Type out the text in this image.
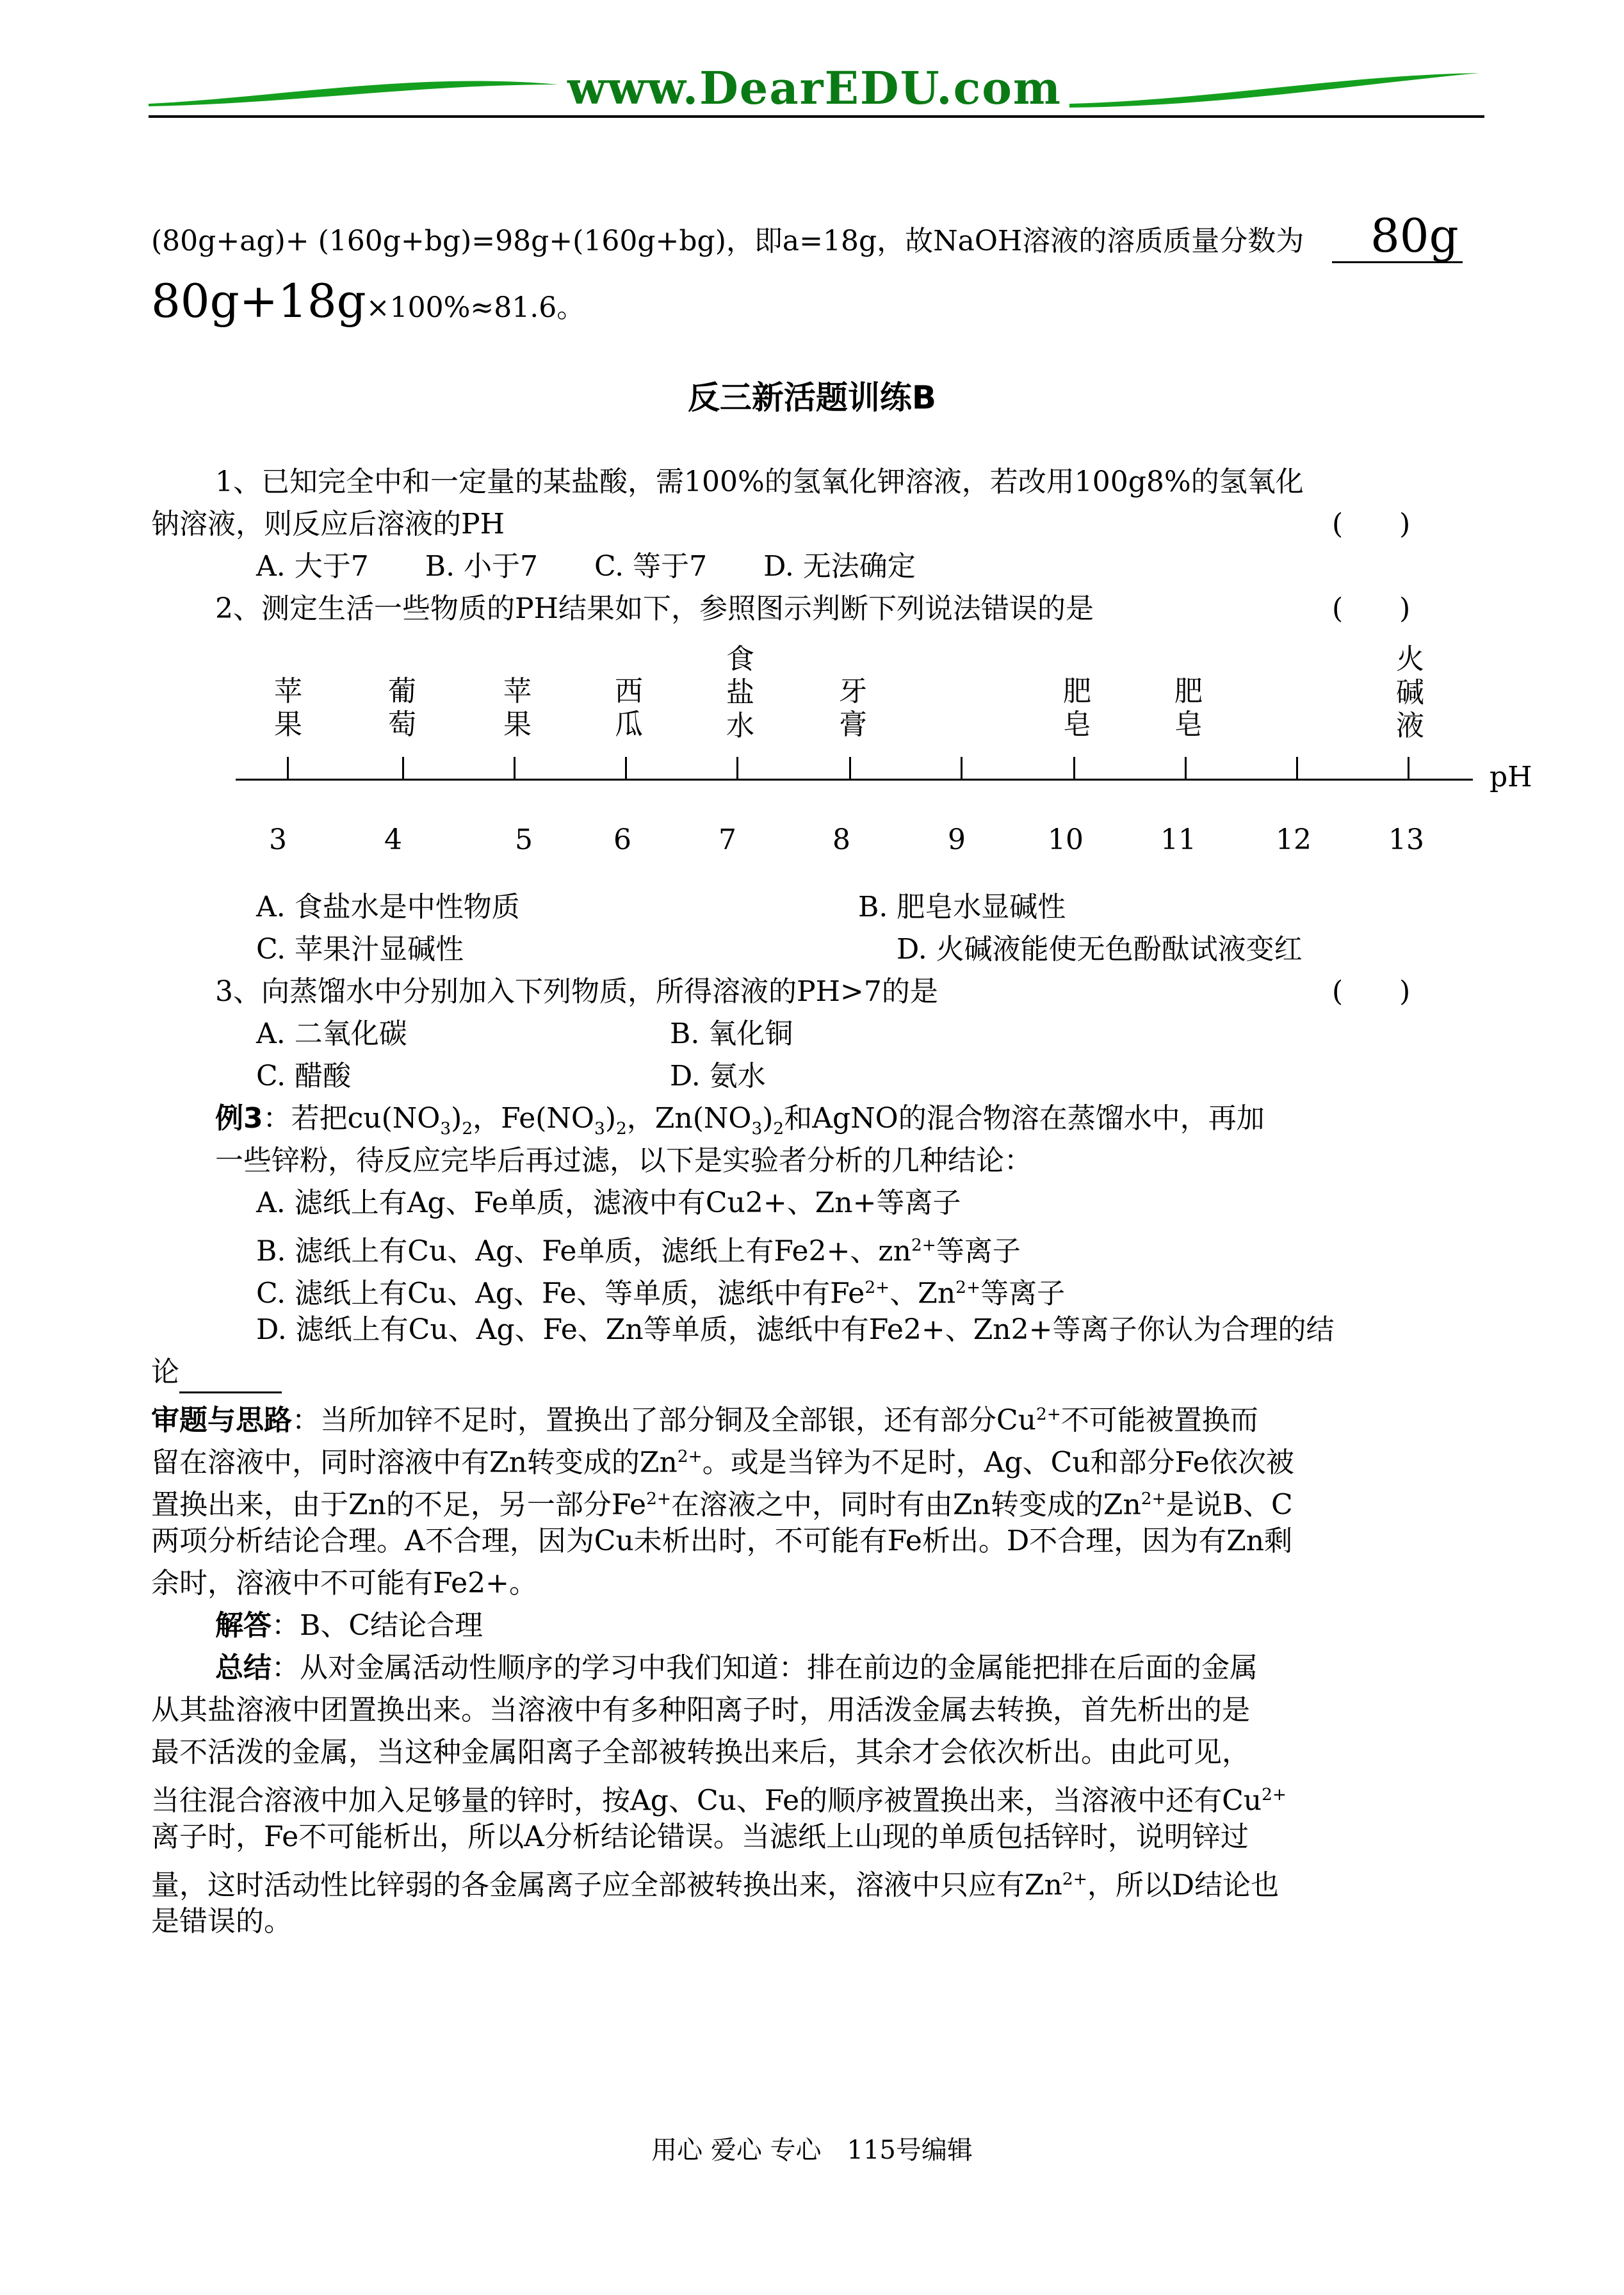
www.DearEDU.com
(80g+ag)+ (160g+bg)=98g+(160g+bg)，即a=18g，故NaOH溶液的溶质质量分数为 80g
80g+18g×100%≈81.6。
反三新活题训练B
1、已知完全中和一定量的某盐酸，需100%的氢氧化钾溶液，若改用100g8%的氢氧化
钠溶液，则反应后溶液的PH	(　　)
A. 大于7　　B. 小于7　　C. 等于7　　D. 无法确定
2、测定生活一些物质的PH结果如下，参照图示判断下列说法错误的是	(　　)
苹果
葡萄
苹果
西瓜
食盐水
牙膏
肥皂
肥皂
火碱液
pH
3	4	5	6	7	8	9	10	11	12	13
A. 食盐水是中性物质	B. 肥皂水显碱性
C. 苹果汁显碱性	D. 火碱液能使无色酚酞试液变红
3、向蒸馏水中分别加入下列物质，所得溶液的PH>7的是	(　　)
A. 二氧化碳	B. 氧化铜
C. 醋酸	D. 氨水
例3：若把$cu(NO_3)_2$，$Fe(NO_3)_2$，$Zn(NO_3)_2$和AgNO的混合物溶在蒸馏水中，再加
一些锌粉，待反应完毕后再过滤，以下是实验者分析的几种结论：
A. 滤纸上有Ag、Fe单质，滤液中有Cu2+、Zn+等离子
B. 滤纸上有Cu、Ag、Fe单质，滤纸上有Fe2+、$zn^{2+}$等离子
C. 滤纸上有Cu、Ag、Fe、等单质，滤纸中有$Fe^{2+}$、$Zn^{2+}$等离子
D. 滤纸上有Cu、Ag、Fe、Zn等单质，滤纸中有Fe2+、Zn2+等离子你认为合理的结
论
审题与思路：当所加锌不足时，置换出了部分铜及全部银，还有部分$Cu^{2+}$不可能被置换而
留在溶液中，同时溶液中有Zn转变成的$Zn^{2+}$。或是当锌为不足时，Ag、Cu和部分Fe依次被
置换出来，由于Zn的不足，另一部分$Fe^{2+}$在溶液之中，同时有由Zn转变成的$Zn^{2+}$是说B、C
两项分析结论合理。A不合理，因为Cu未析出时，不可能有Fe析出。D不合理，因为有Zn剩
余时，溶液中不可能有Fe2+。
解答：B、C结论合理
总结：从对金属活动性顺序的学习中我们知道：排在前边的金属能把排在后面的金属
从其盐溶液中团置换出来。当溶液中有多种阳离子时，用活泼金属去转换，首先析出的是
最不活泼的金属，当这种金属阳离子全部被转换出来后，其余才会依次析出。由此可见，
当往混合溶液中加入足够量的锌时，按Ag、Cu、Fe的顺序被置换出来，当溶液中还有$Cu^{2+}$
离子时，Fe不可能析出，所以A分析结论错误。当滤纸上山现的单质包括锌时，说明锌过
量，这时活动性比锌弱的各金属离子应全部被转换出来，溶液中只应有$Zn^{2+}$，所以D结论也
是错误的。
用心 爱心 专心　115号编辑
